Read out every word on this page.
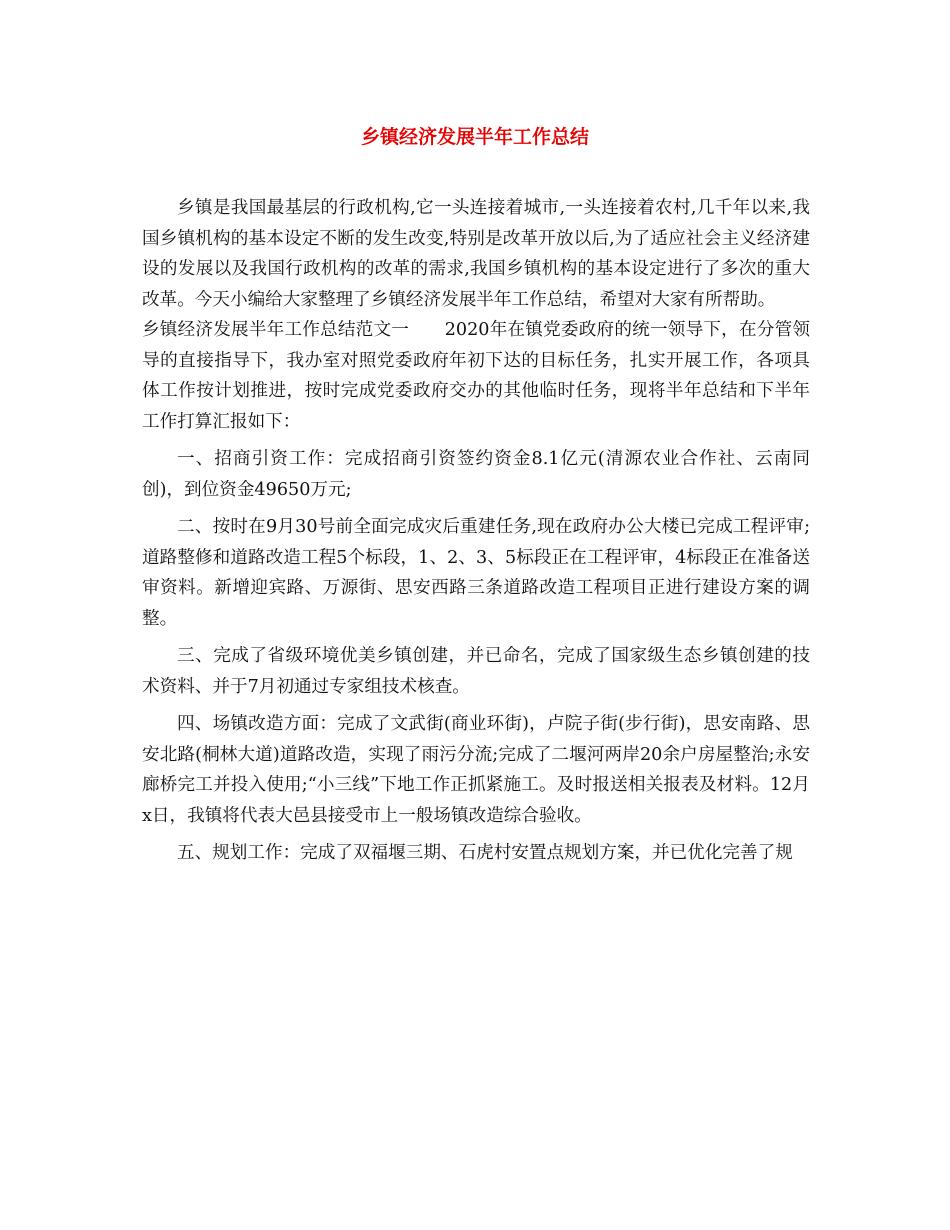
乡镇经济发展半年工作总结

乡镇是我国最基层的行政机构,它一头连接着城市,一头连接着农村,几千年以来,我国乡镇机构的基本设定不断的发生改变,特别是改革开放以后,为了适应社会主义经济建设的发展以及我国行政机构的改革的需求,我国乡镇机构的基本设定进行了多次的重大改革。今天小编给大家整理了乡镇经济发展半年工作总结，希望对大家有所帮助。

乡镇经济发展半年工作总结范文一　　2020年在镇党委政府的统一领导下，在分管领导的直接指导下，我办室对照党委政府年初下达的目标任务，扎实开展工作，各项具体工作按计划推进，按时完成党委政府交办的其他临时任务，现将半年总结和下半年工作打算汇报如下：

一、招商引资工作：完成招商引资签约资金8.1亿元(清源农业合作社、云南同创)，到位资金49650万元;

二、按时在9月30号前全面完成灾后重建任务,现在政府办公大楼已完成工程评审;道路整修和道路改造工程5个标段，1、2、3、5标段正在工程评审，4标段正在准备送审资料。新增迎宾路、万源街、思安西路三条道路改造工程项目正进行建设方案的调整。

三、完成了省级环境优美乡镇创建，并已命名，完成了国家级生态乡镇创建的技术资料、并于7月初通过专家组技术核查。

四、场镇改造方面：完成了文武街(商业环街)，卢院子街(步行街)，思安南路、思安北路(桐林大道)道路改造，实现了雨污分流;完成了二堰河两岸20余户房屋整治;永安廊桥完工并投入使用;“小三线”下地工作正抓紧施工。及时报送相关报表及材料。12月x日，我镇将代表大邑县接受市上一般场镇改造综合验收。

五、规划工作：完成了双福堰三期、石虎村安置点规划方案，并已优化完善了规
